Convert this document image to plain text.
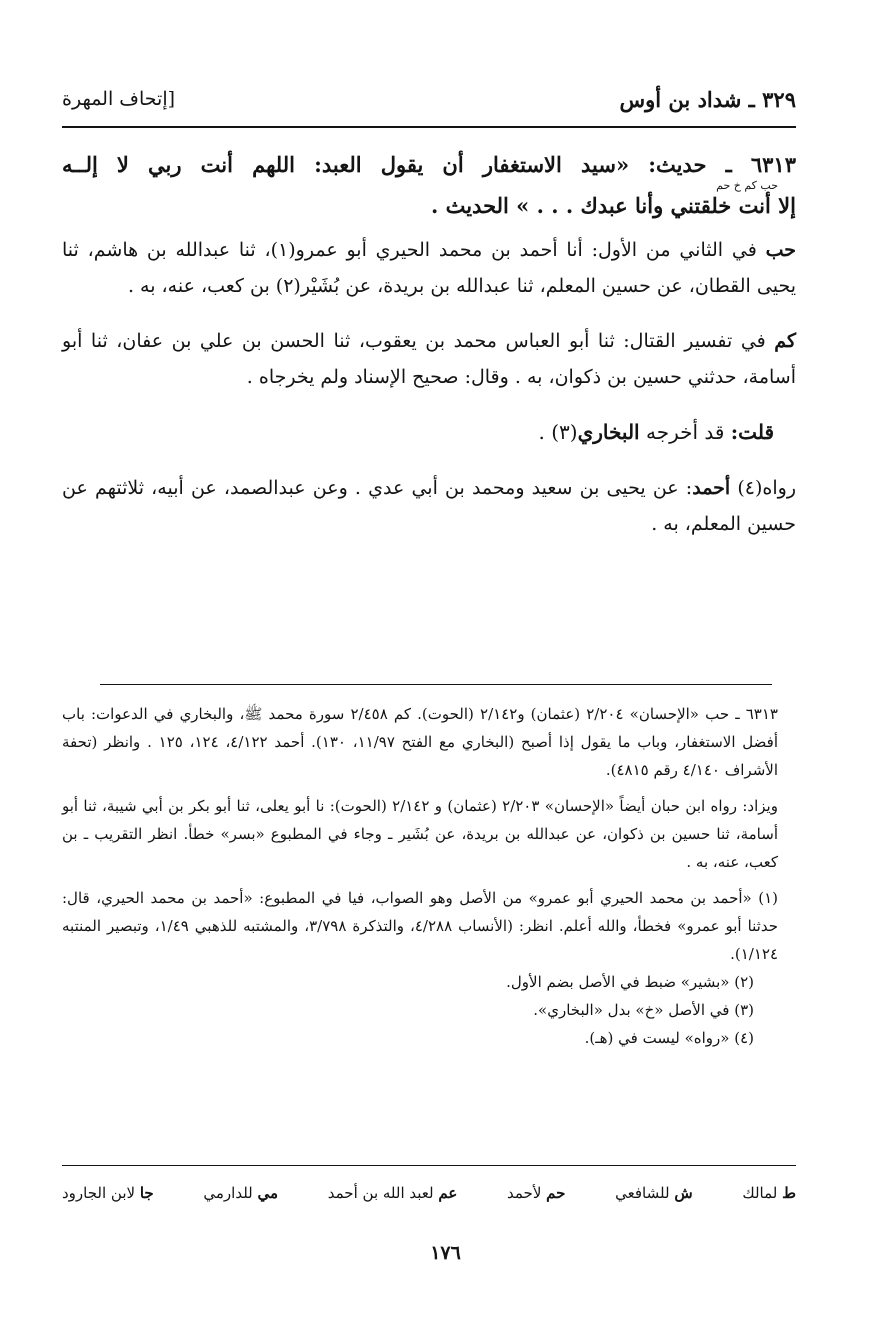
٣٢٩ ـ شداد بن أوس
[إتحاف المهرة
٦٣١٣ ـ حديث: «سيد الاستغفار أن يقول العبد: اللهم أنت ربي لا إلــه
حب كم خ حم
إلا أنت خلقتني وأنا عبدك . . . » الحديث .

حب في الثاني من الأول: أنا أحمد بن محمد الحيري أبو عمرو(١)، ثنا عبدالله بن هاشم، ثنا يحيى القطان، عن حسين المعلم، ثنا عبدالله بن بريدة، عن بُشَيْر(٢) بن كعب، عنه، به .

كم في تفسير القتال: ثنا أبو العباس محمد بن يعقوب، ثنا الحسن بن علي بن عفان، ثنا أبو أسامة، حدثني حسين بن ذكوان، به . وقال: صحيح الإسناد ولم يخرجاه .

قلت: قد أخرجه البخاري(٣) .

رواه(٤) أحمد: عن يحيى بن سعيد ومحمد بن أبي عدي . وعن عبدالصمد، عن أبيه، ثلاثتهم عن حسين المعلم، به .

٦٣١٣ ـ حب «الإحسان» ٢/٢٠٤ (عثمان) و٢/١٤٢ (الحوت). كم ٢/٤٥٨ سورة محمد ﷺ، والبخاري في الدعوات: باب أفضل الاستغفار، وباب ما يقول إذا أصبح (البخاري مع الفتح ١١/٩٧، ١٣٠). أحمد ٤/١٢٢، ١٢٤، ١٢٥ . وانظر (تحفة الأشراف ٤/١٤٠ رقم ٤٨١٥).

ويزاد: رواه ابن حبان أيضاً «الإحسان» ٢/٢٠٣ (عثمان) و ٢/١٤٢ (الحوت): نا أبو يعلى، ثنا أبو بكر بن أبي شيبة، ثنا أبو أسامة، ثنا حسين بن ذكوان، عن عبدالله بن بريدة، عن بُشَير ـ وجاء في المطبوع «بسر» خطأ. انظر التقريب ـ بن كعب، عنه، به .

(١) «أحمد بن محمد الحيري أبو عمرو» من الأصل وهو الصواب، فيا في المطبوع: «أحمد بن محمد الحيري، قال: حدثنا أبو عمرو» فخطأ، والله أعلم. انظر: (الأنساب ٤/٢٨٨، والتذكرة ٣/٧٩٨، والمشتبه للذهبي ١/٤٩، وتبصير المنتبه ١/١٢٤).

(٢) «بشير» ضبط في الأصل بضم الأول.

(٣) في الأصل «خ» بدل «البخاري».

(٤) «رواه» ليست في (هـ).

ط لمالك
ش للشافعي
حم لأحمد
عم لعبد الله بن أحمد
مي للدارمي
جا لابن الجارود
١٧٦
